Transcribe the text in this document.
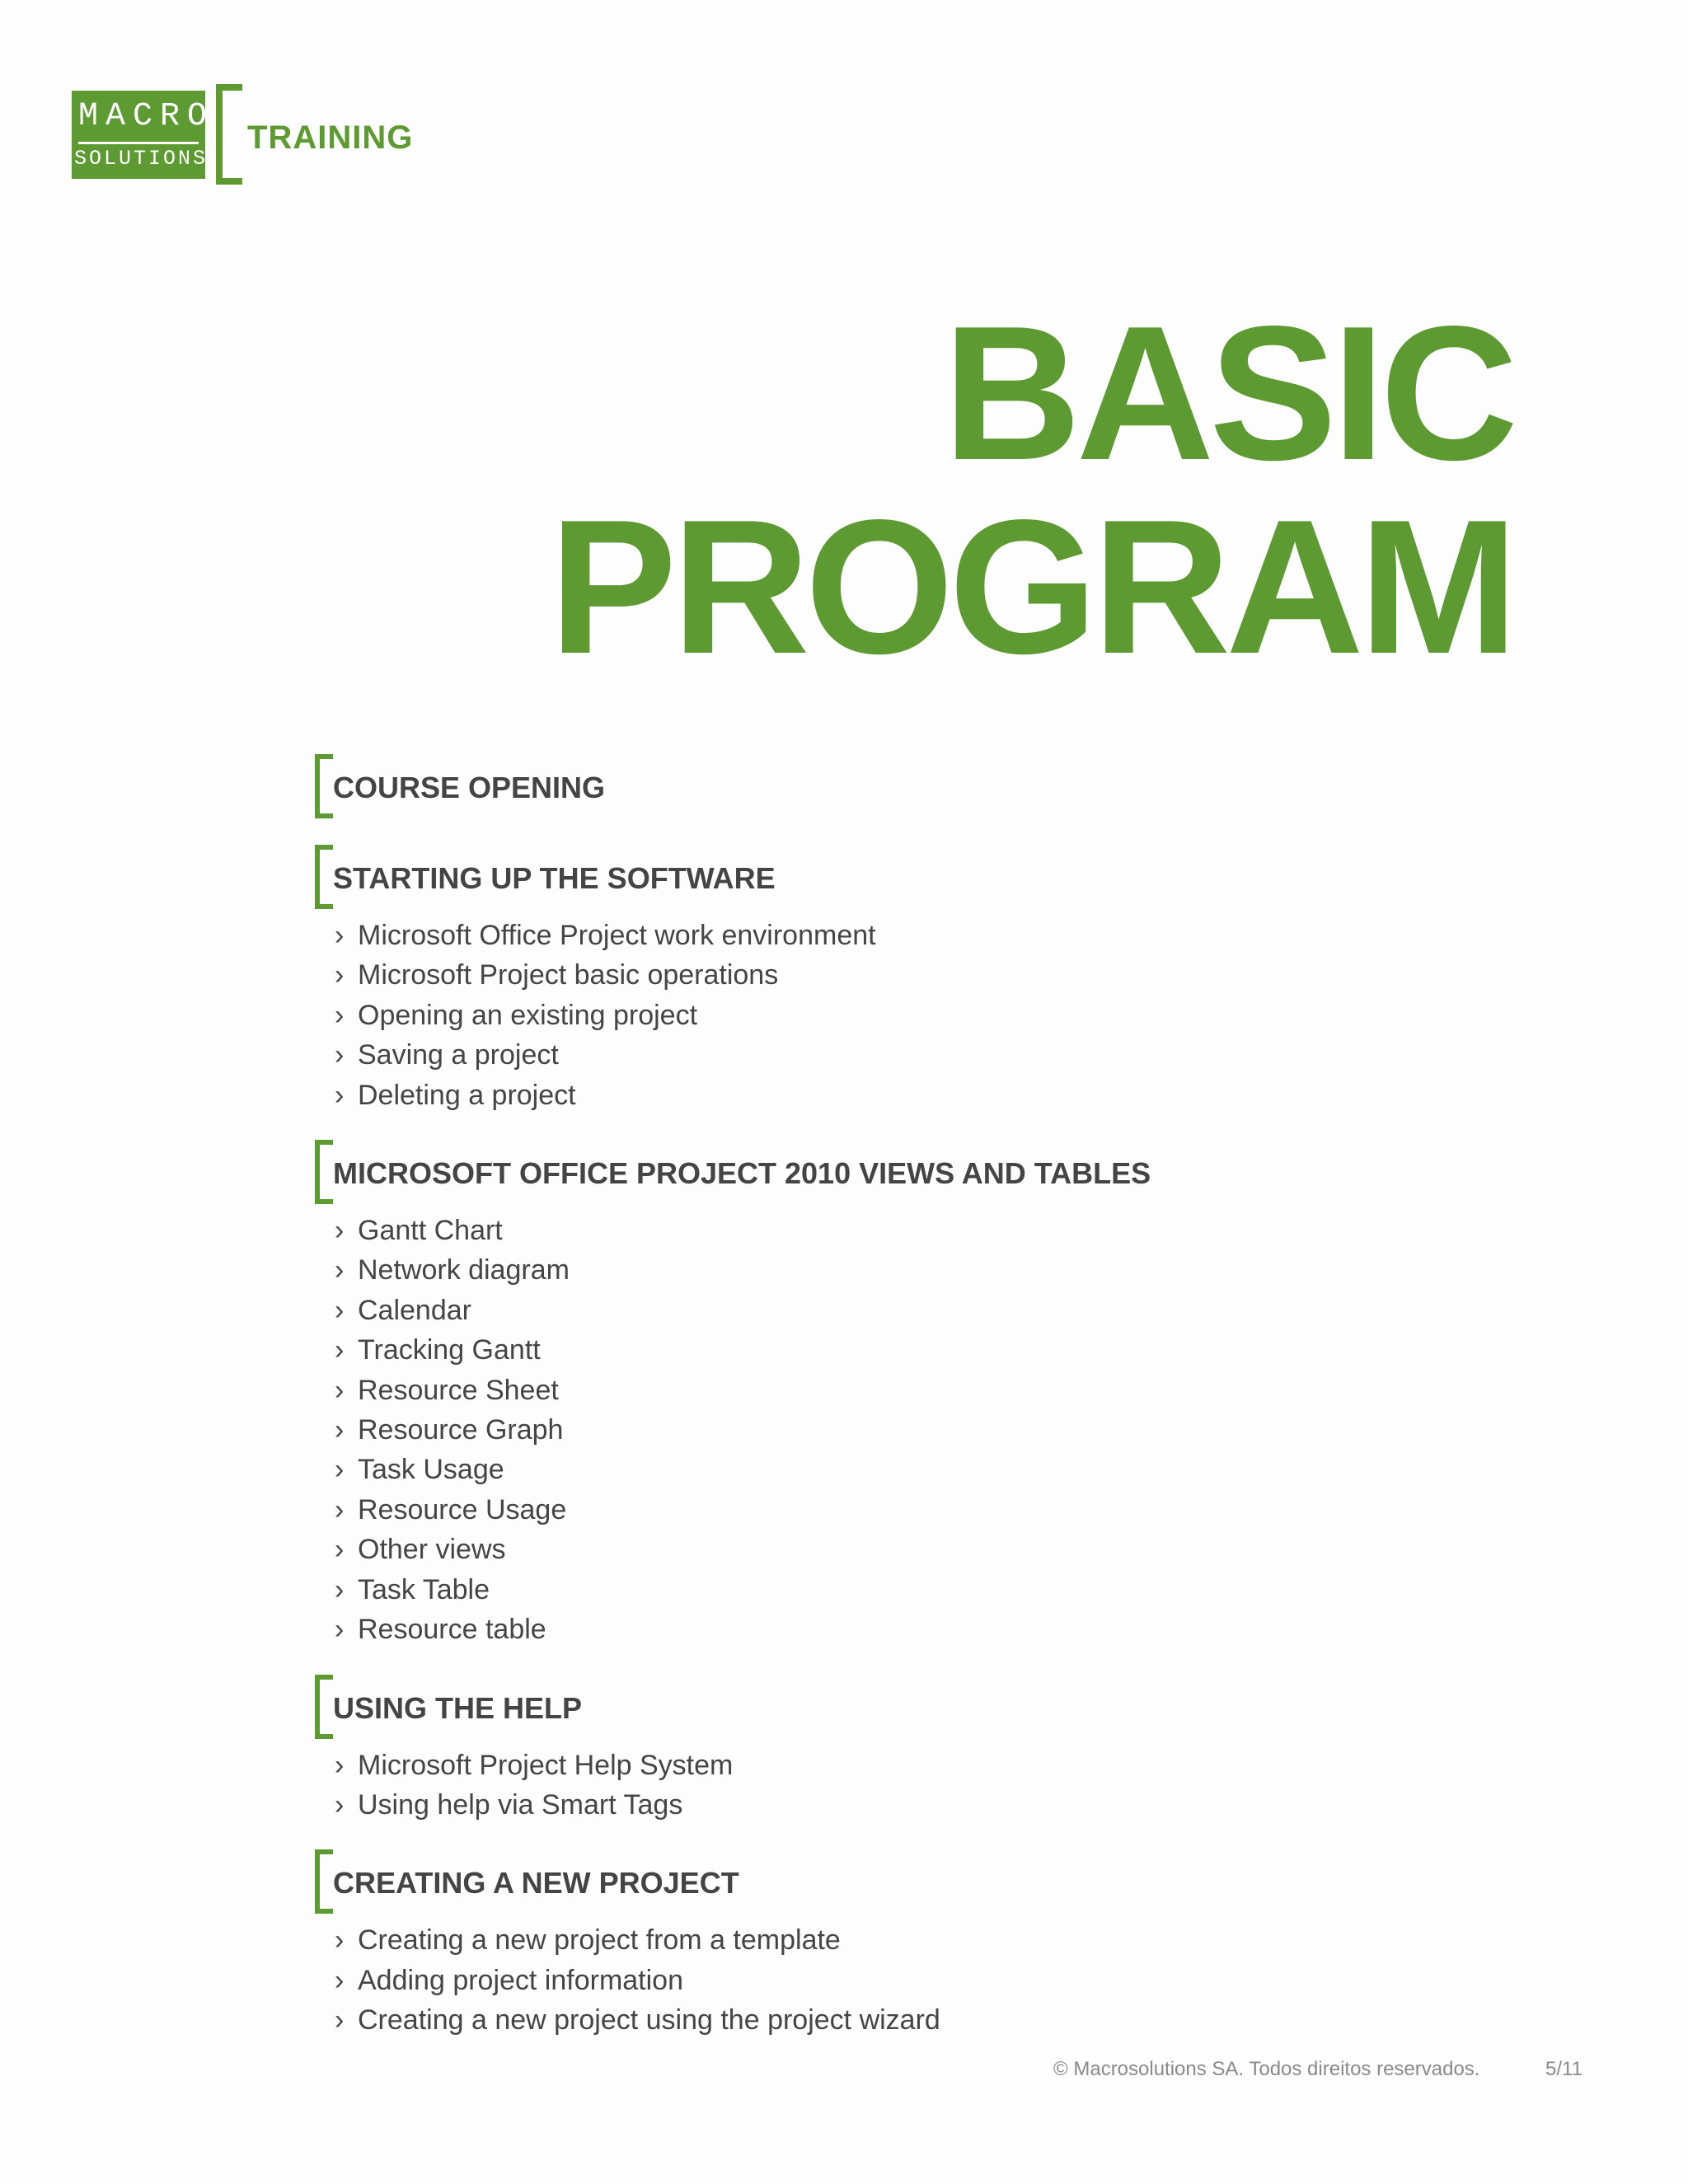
MACRO
SOLUTIONS
TRAINING
BASIC
PROGRAM
COURSE OPENING
STARTING UP THE SOFTWARE
› Microsoft Office Project work environment
› Microsoft Project basic operations
› Opening an existing project
› Saving a project
› Deleting a project
MICROSOFT OFFICE PROJECT 2010 VIEWS AND TABLES
› Gantt Chart
› Network diagram
› Calendar
› Tracking Gantt
› Resource Sheet
› Resource Graph
› Task Usage
› Resource Usage
› Other views
› Task Table
› Resource table
USING THE HELP
› Microsoft Project Help System
› Using help via Smart Tags
CREATING A NEW PROJECT
› Creating a new project from a template
› Adding project information
› Creating a new project using the project wizard
© Macrosolutions SA. Todos direitos reservados.	5/11
